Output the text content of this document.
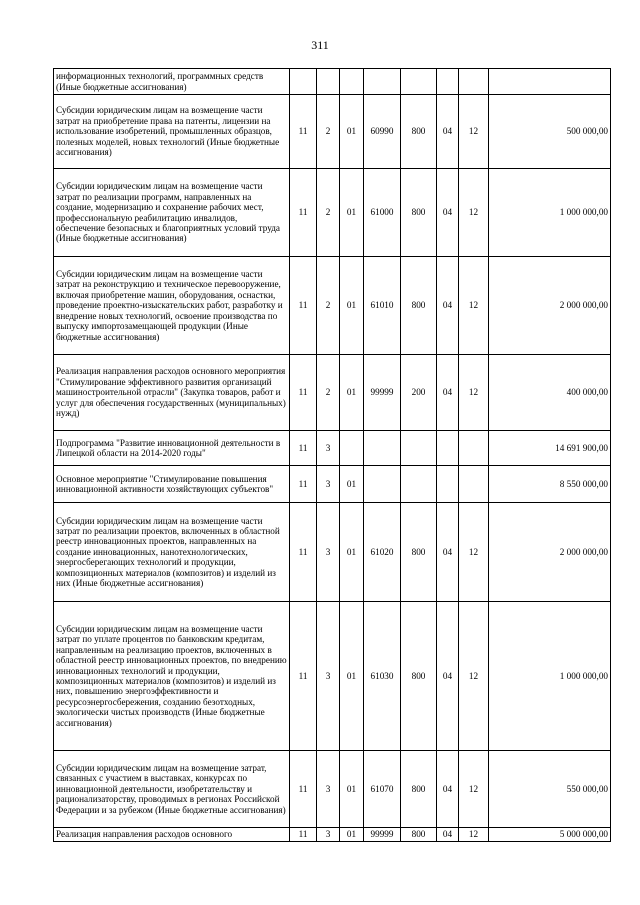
311
информационных технологий, программных средств (Иные бюджетные ассигнования)								
Субсидии юридическим лицам на возмещение части затрат на приобретение права на патенты, лицензии на использование изобретений, промышленных образцов, полезных моделей, новых технологий (Иные бюджетные ассигнования)	11	2	01	60990	800	04	12	500 000,00
Субсидии юридическим лицам на возмещение части затрат по реализации программ, направленных на создание, модернизацию и сохранение рабочих мест, профессиональную реабилитацию инвалидов, обеспечение безопасных и благоприятных условий труда (Иные бюджетные ассигнования)	11	2	01	61000	800	04	12	1 000 000,00
Субсидии юридическим лицам на возмещение части затрат на реконструкцию и техническое перевооружение, включая приобретение машин, оборудования, оснастки, проведение проектно-изыскательских работ, разработку и внедрение новых технологий, освоение производства по выпуску импортозамещающей продукции (Иные бюджетные ассигнования)	11	2	01	61010	800	04	12	2 000 000,00
Реализация направления расходов основного мероприятия "Стимулирование эффективного развития организаций машиностроительной отрасли" (Закупка товаров, работ и услуг для обеспечения государственных (муниципальных) нужд)	11	2	01	99999	200	04	12	400 000,00
Подпрограмма "Развитие инновационной деятельности в Липецкой области на 2014-2020 годы"	11	3						14 691 900,00
Основное мероприятие "Стимулирование повышения инновационной активности хозяйствующих субъектов"	11	3	01					8 550 000,00
Субсидии юридическим лицам на возмещение части затрат по реализации проектов, включенных в областной реестр инновационных проектов, направленных на создание инновационных, нанотехнологических, энергосберегающих технологий и продукции, композиционных материалов (композитов) и изделий из них (Иные бюджетные ассигнования)	11	3	01	61020	800	04	12	2 000 000,00
Субсидии юридическим лицам на возмещение части затрат по уплате процентов по банковским кредитам, направленным на реализацию проектов, включенных в областной реестр инновационных проектов, по внедрению инновационных технологий и продукции, композиционных материалов (композитов) и изделий из них, повышению энергоэффективности и ресурсоэнергосбережения, созданию безотходных, экологически чистых производств (Иные бюджетные ассигнования)	11	3	01	61030	800	04	12	1 000 000,00
Субсидии юридическим лицам на возмещение затрат, связанных с участием в выставках, конкурсах по инновационной деятельности, изобретательству и рационализаторству, проводимых в регионах Российской Федерации и за рубежом (Иные бюджетные ассигнования)	11	3	01	61070	800	04	12	550 000,00
Реализация направления расходов основного	11	3	01	99999	800	04	12	5 000 000,00
